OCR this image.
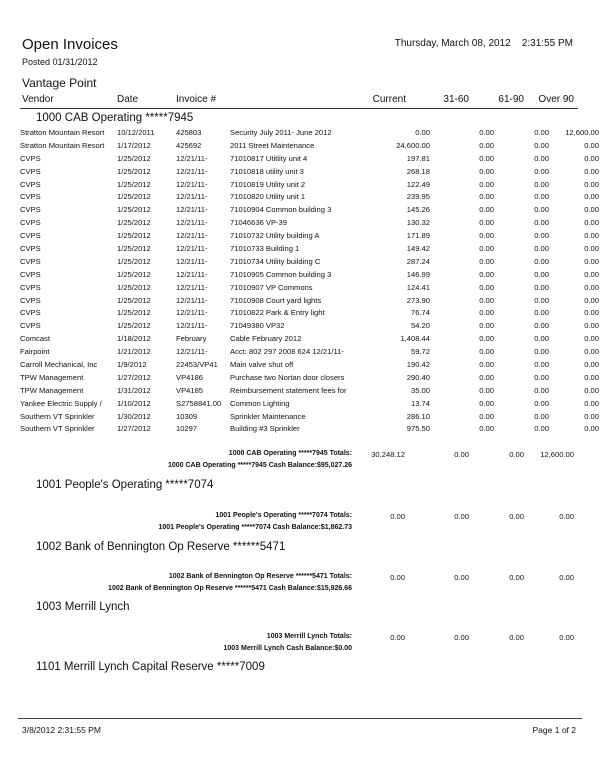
Open Invoices
Posted 01/31/2012
Thursday, March 08, 2012 2:31:55 PM
Vantage Point
Vendor	Date	Invoice #	Current	31-60	61-90 Over 90
1000 CAB Operating *****7945
Stratton Mountain Resort	10/12/2011	425803	Security July 2011- June 2012	0.00	0.00	0.00	12,600.00
Stratton Mountain Resort	1/17/2012	425692	2011 Street Maintenance	24,600.00	0.00	0.00	0.00
CVPS	1/25/2012	12/21/11-	71010817 Utitlity unit 4	197.81	0.00	0.00	0.00
CVPS	1/25/2012	12/21/11-	71010818 utility unit 3	268.18	0.00	0.00	0.00
CVPS	1/25/2012	12/21/11-	71010819 Utility unit 2	122.49	0.00	0.00	0.00
CVPS	1/25/2012	12/21/11-	71010820 Utility unit 1	239.95	0.00	0.00	0.00
CVPS	1/25/2012	12/21/11-	71010904 Common building 3	145.26	0.00	0.00	0.00
CVPS	1/25/2012	12/21/11-	71046636 VP-39	130.32	0.00	0.00	0.00
CVPS	1/25/2012	12/21/11-	71010732 Utility building A	171.89	0.00	0.00	0.00
CVPS	1/25/2012	12/21/11-	71010733 Building 1	149.42	0.00	0.00	0.00
CVPS	1/25/2012	12/21/11-	71010734 Utility building C	287.24	0.00	0.00	0.00
CVPS	1/25/2012	12/21/11-	71010905 Common building 3	146.99	0.00	0.00	0.00
CVPS	1/25/2012	12/21/11-	71010907 VP Commons	124.41	0.00	0.00	0.00
CVPS	1/25/2012	12/21/11-	71010908 Court yard lights	273.90	0.00	0.00	0.00
CVPS	1/25/2012	12/21/11-	71010822 Park & Entry light	76.74	0.00	0.00	0.00
CVPS	1/25/2012	12/21/11-	71049380 VP32	54.20	0.00	0.00	0.00
Comcast	1/18/2012	February	Cable February 2012	1,408.44	0.00	0.00	0.00
Fairpoint	1/21/2012	12/21/11-	Acct: 802 297 2008 624 12/21/11-	59.72	0.00	0.00	0.00
Carroll Mechanical, Inc	1/9/2012	22453/VP41	Main valve shut off	190.42	0.00	0.00	0.00
TPW Management	1/27/2012	VP4186	Purchase two Nortan door closers	290.40	0.00	0.00	0.00
TPW Management	1/31/2012	VP4185	Reimbursement statement fees for	35.00	0.00	0.00	0.00
Yankee Electric Supply /	1/10/2012	S2758841.00	Common Lighting	13.74	0.00	0.00	0.00
Southern VT Sprinkler	1/30/2012	10309	Sprinkler Maintenance	286.10	0.00	0.00	0.00
Southern VT Sprinkler	1/27/2012	10297	Building #3 Sprinkler	975.50	0.00	0.00	0.00
1000 CAB Operating *****7945 Totals:
1000 CAB Operating *****7945 Cash Balance:$95,027.26
30,248.12	0.00	0.00 12,600.00
1001 People's Operating *****7074
1001 People's Operating *****7074 Totals:
1001 People's Operating *****7074 Cash Balance:$1,862.73
0.00	0.00	0.00	0.00
1002 Bank of Bennington Op Reserve ******5471
1002 Bank of Bennington Op Reserve ******5471 Totals:
1002 Bank of Bennington Op Reserve ******5471 Cash Balance:$15,926.66
0.00	0.00	0.00	0.00
1003 Merrill Lynch
1003 Merrill Lynch Totals:
1003 Merrill Lynch Cash Balance:$0.00
0.00	0.00	0.00	0.00
1101 Merrill Lynch Capital Reserve *****7009
3/8/2012 2:31:55 PM	Page 1 of 2
